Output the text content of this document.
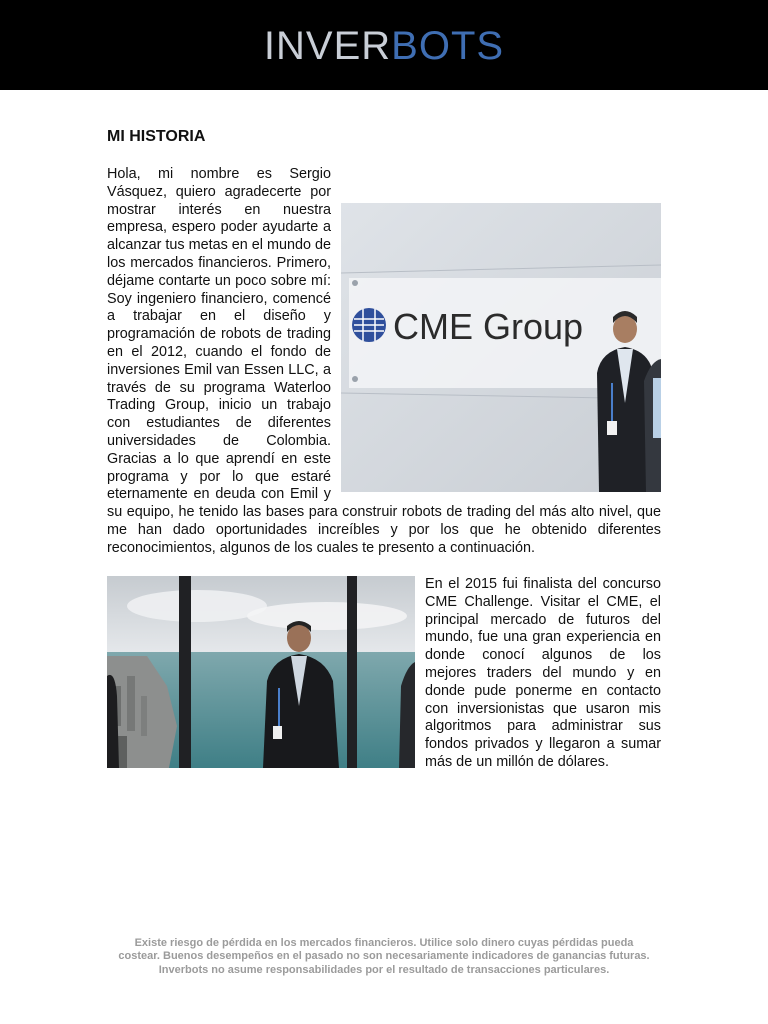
INVERBOTS
MI HISTORIA
CME Group
Hola, mi nombre es Sergio Vásquez, quiero agradecerte por mostrar interés en nuestra empresa, espero poder ayudarte a alcanzar tus metas en el mundo de los mercados financieros. Primero, déjame contarte un poco sobre mí: Soy ingeniero financiero, comencé a trabajar en el diseño y programación de robots de trading en el 2012, cuando el fondo de inversiones Emil van Essen LLC, a través de su programa Waterloo Trading Group, inicio un trabajo con estudiantes de diferentes universidades de Colombia. Gracias a lo que aprendí en este programa y por lo que estaré eternamente en deuda con Emil y su equipo, he tenido las bases para construir robots de trading del más alto nivel, que me han dado oportunidades increíbles y por los que he obtenido diferentes reconocimientos, algunos de los cuales te presento a continuación.

En el 2015 fui finalista del concurso CME Challenge. Visitar el CME, el principal mercado de futuros del mundo, fue una gran experiencia en donde conocí algunos de los mejores traders del mundo y en donde pude ponerme en contacto con inversionistas que usaron mis algoritmos para administrar sus fondos privados y llegaron a sumar más de un millón de dólares.

Existe riesgo de pérdida en los mercados financieros. Utilice solo dinero cuyas pérdidas pueda
costear. Buenos desempeños en el pasado no son necesariamente indicadores de ganancias futuras.
Inverbots no asume responsabilidades por el resultado de transacciones particulares.
